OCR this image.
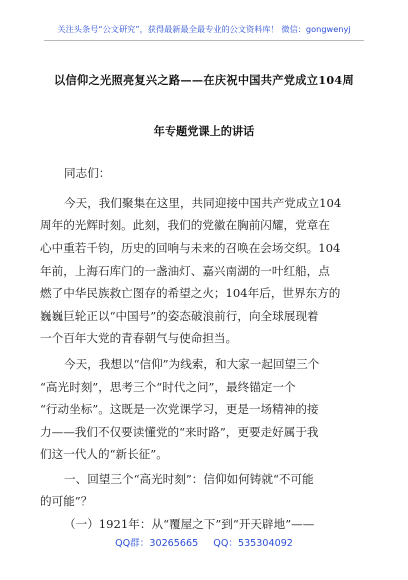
关注头条号“公文研究”，获得最新最全最专业的公文资料库！ 微信：gongwenyj
以信仰之光照亮复兴之路——在庆祝中国共产党成立104周
年专题党课上的讲话
同志们：
今天，我们聚集在这里，共同迎接中国共产党成立104
周年的光辉时刻。此刻，我们的党徽在胸前闪耀，党章在
心中重若千钧，历史的回响与未来的召唤在会场交织。104
年前，上海石库门的一盏油灯、嘉兴南湖的一叶红船，点
燃了中华民族救亡图存的希望之火；104年后，世界东方的
巍巍巨轮正以“中国号”的姿态破浪前行，向全球展现着
一个百年大党的青春朝气与使命担当。
今天，我想以“信仰”为线索，和大家一起回望三个
“高光时刻”，思考三个“时代之问”，最终锚定一个
“行动坐标”。这既是一次党课学习，更是一场精神的接
力——我们不仅要读懂党的“来时路”，更要走好属于我
们这一代人的“新长征”。
一、回望三个“高光时刻”：信仰如何铸就“不可能
的可能”？
（一）1921年：从“覆屋之下”到“开天辟地”——
QQ群：30265665 QQ：535304092
